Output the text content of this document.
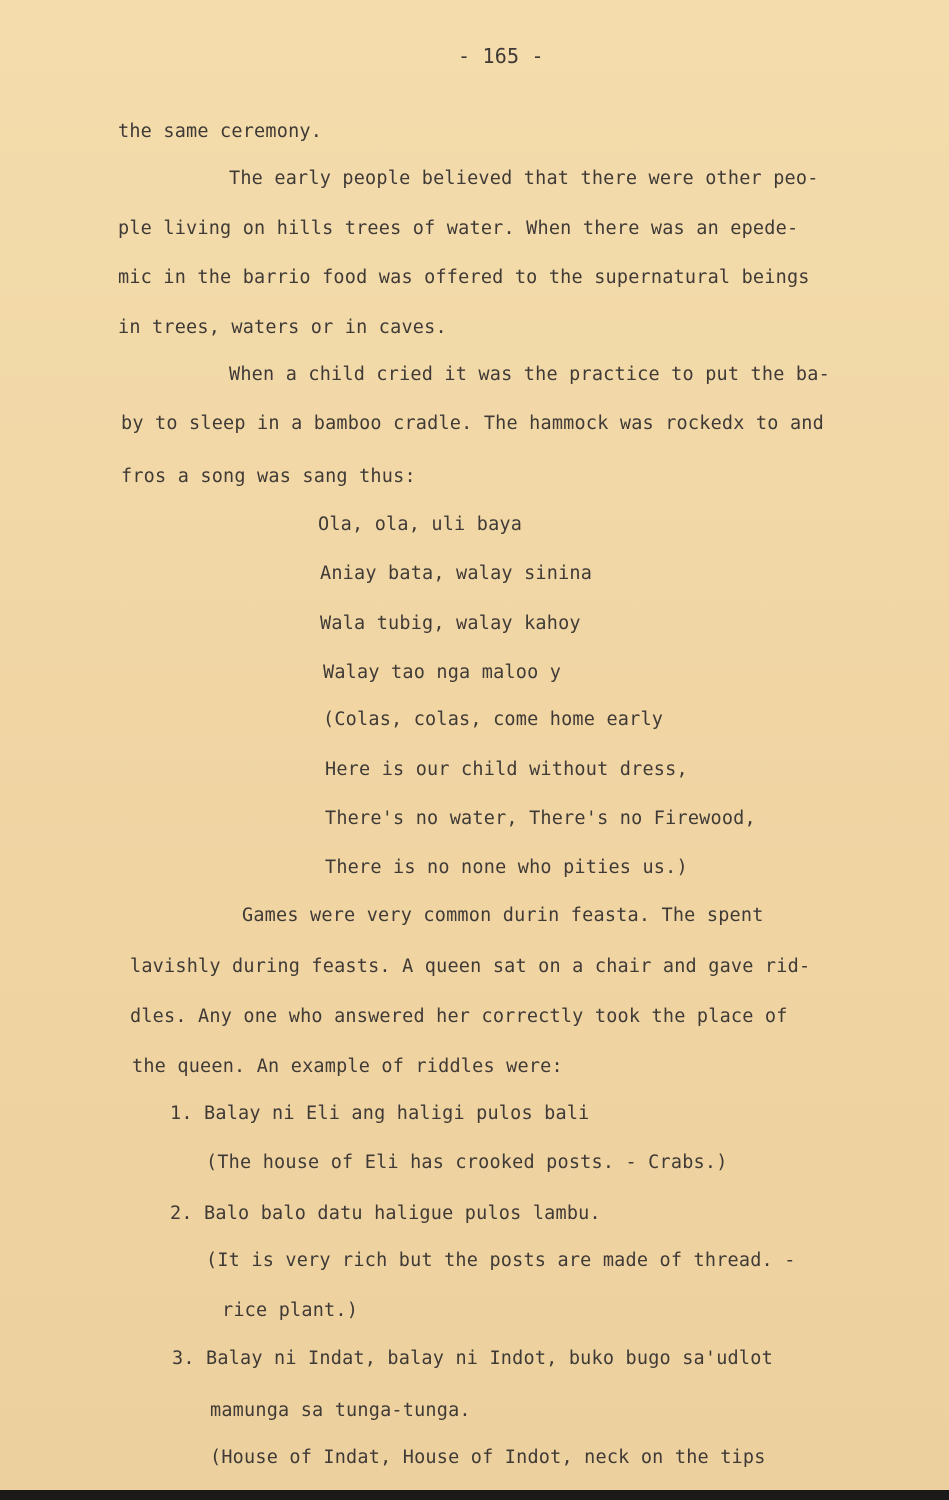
- 165 -
the same ceremony.
The early people believed that there were other peo-
ple living on hills trees of water. When there was an epede-
mic in the barrio food was offered to the supernatural beings
in trees, waters or in caves.
When a child cried it was the practice to put the ba-
by to sleep in a bamboo cradle. The hammock was rockedx to and
fros a song was sang thus:
Ola, ola, uli baya
Aniay bata, walay sinina
Wala tubig, walay kahoy
Walay tao nga maloo y
(Colas, colas, come home early
Here is our child without dress,
There's no water, There's no Firewood,
There is no none who pities us.)
Games were very common durin feasta. The spent
lavishly during feasts. A queen sat on a chair and gave rid-
dles. Any one who answered her correctly took the place of
the queen. An example of riddles were:
1. Balay ni Eli ang haligi pulos bali
(The house of Eli has crooked posts. - Crabs.)
2. Balo balo datu haligue pulos lambu.
(It is very rich but the posts are made of thread. -
rice plant.)
3. Balay ni Indat, balay ni Indot, buko bugo sa'udlot
mamunga sa tunga-tunga.
(House of Indat, House of Indot, neck on the tips
